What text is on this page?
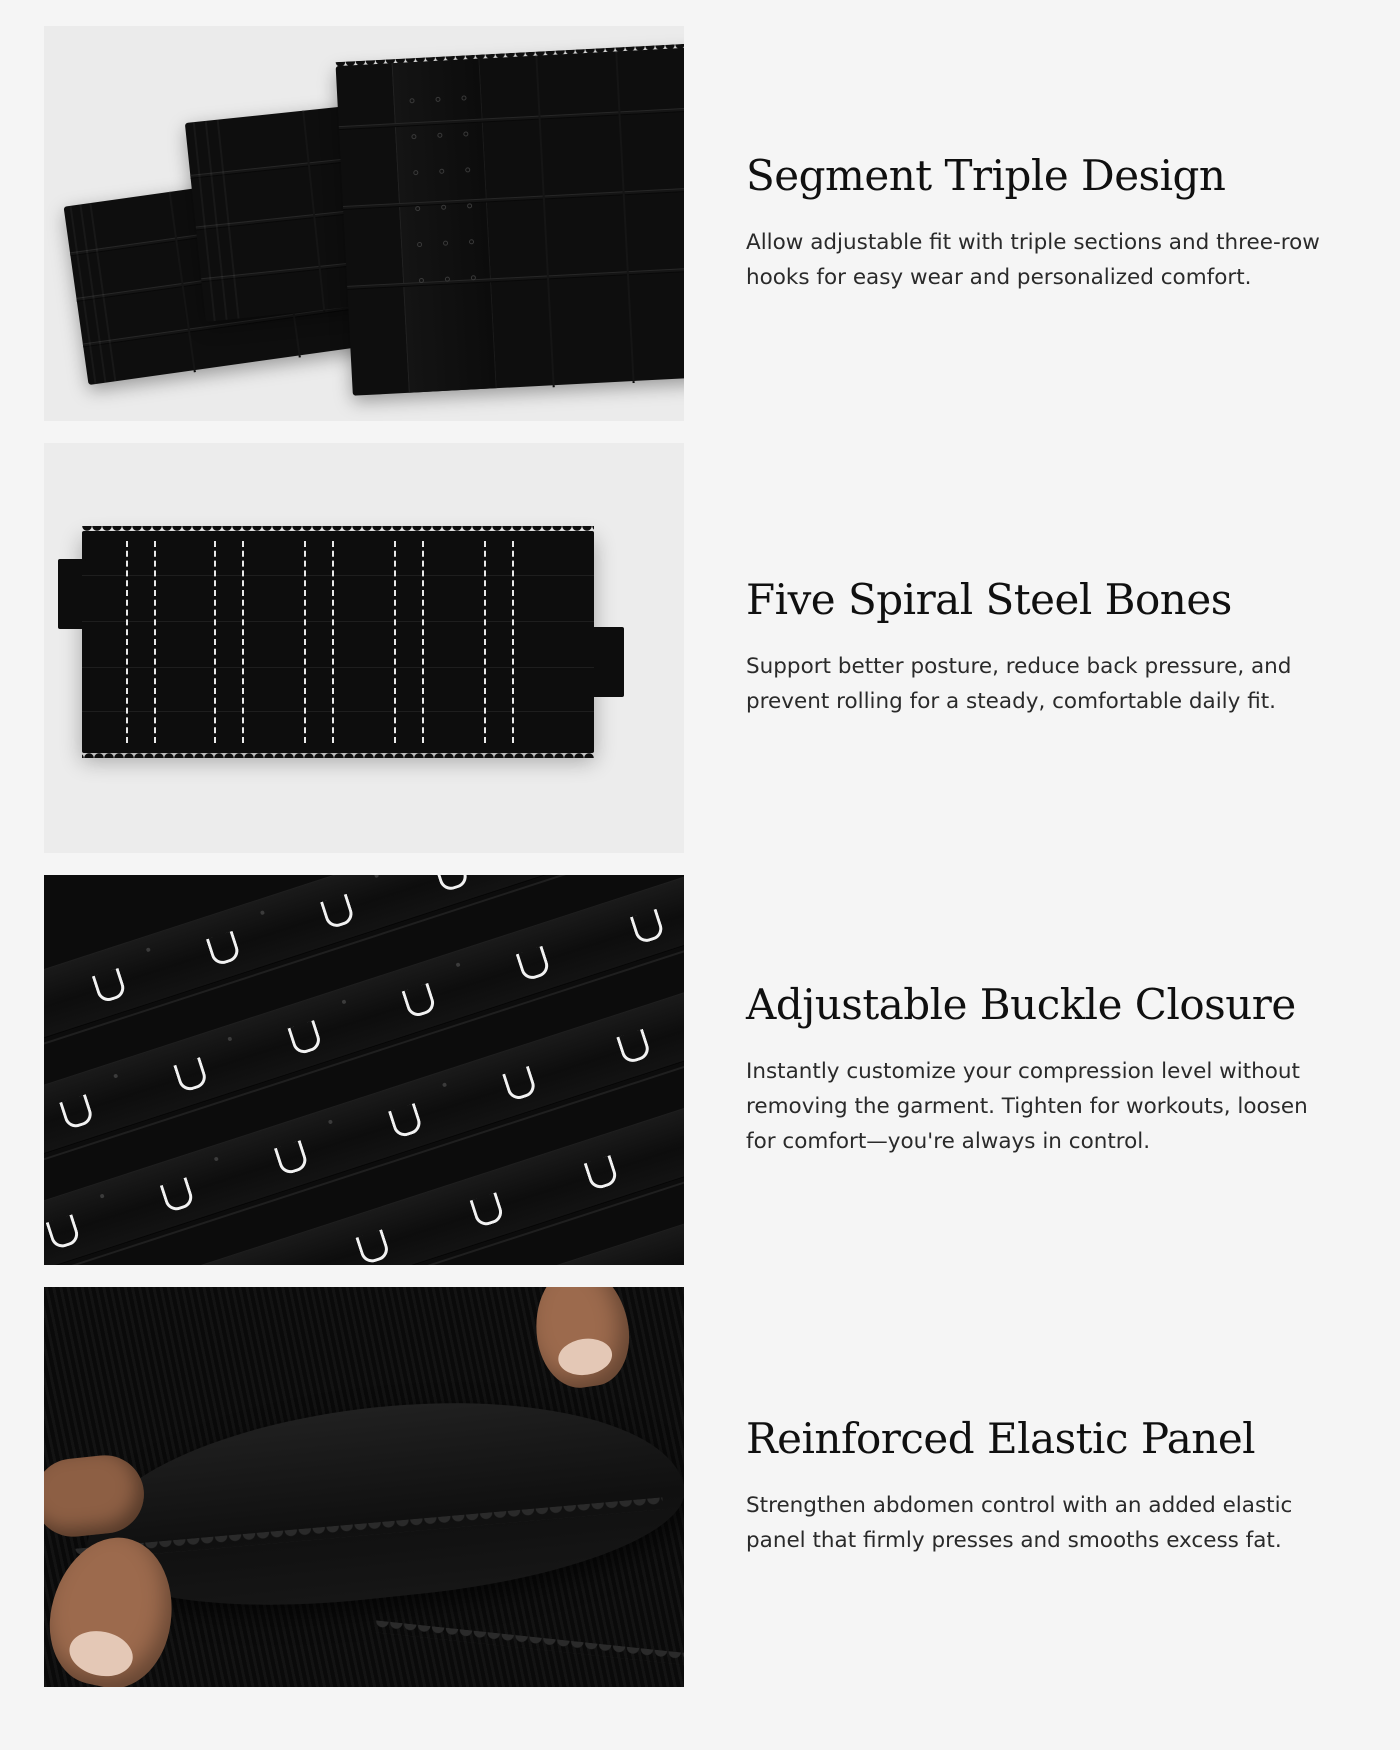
Segment Triple Design

Allow adjustable fit with triple sections and three-row hooks for easy wear and personalized comfort.

Five Spiral Steel Bones

Support better posture, reduce back pressure, and prevent rolling for a steady, comfortable daily fit.

Adjustable Buckle Closure

Instantly customize your compression level without removing the garment. Tighten for workouts, loosen for comfort—you're always in control.

Reinforced Elastic Panel

Strengthen abdomen control with an added elastic panel that firmly presses and smooths excess fat.
